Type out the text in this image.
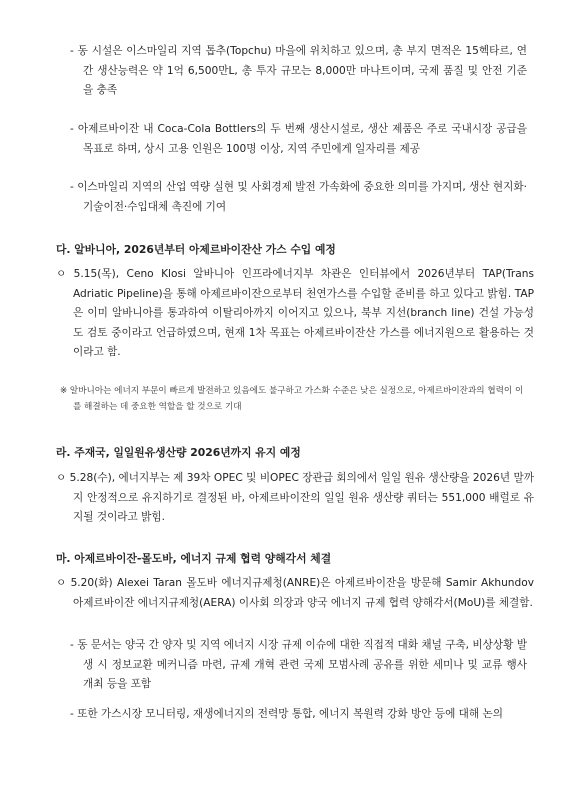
- 동 시설은 이스마일리 지역 톱추(Topchu) 마을에 위치하고 있으며, 총 부지 면적은 15헥타르, 연간 생산능력은 약 1억 6,500만L, 총 투자 규모는 8,000만 마나트이며, 국제 품질 및 안전 기준을 충족

- 아제르바이잔 내 Coca-Cola Bottlers의 두 번째 생산시설로, 생산 제품은 주로 국내시장 공급을 목표로 하며, 상시 고용 인원은 100명 이상, 지역 주민에게 일자리를 제공

- 이스마일리 지역의 산업 역량 실현 및 사회경제 발전 가속화에 중요한 의미를 가지며, 생산 현지화·기술이전·수입대체 촉진에 기여

다. 알바니아, 2026년부터 아제르바이잔산 가스 수입 예정

ㅇ 5.15(목), Ceno Klosi 알바니아 인프라에너지부 차관은 인터뷰에서 2026년부터 TAP(Trans Adriatic Pipeline)을 통해 아제르바이잔으로부터 천연가스를 수입할 준비를 하고 있다고 밝힘. TAP은 이미 알바니아를 통과하여 이탈리아까지 이어지고 있으나, 북부 지선(branch line) 건설 가능성도 검토 중이라고 언급하였으며, 현재 1차 목표는 아제르바이잔산 가스를 에너지원으로 활용하는 것이라고 함.

※ 알바니아는 에너지 부문이 빠르게 발전하고 있음에도 불구하고 가스화 수준은 낮은 실정으로, 아제르바이잔과의 협력이 이를 해결하는 데 중요한 역할을 할 것으로 기대

라. 주재국, 일일원유생산량 2026년까지 유지 예정

ㅇ 5.28(수), 에너지부는 제 39차 OPEC 및 비OPEC 장관급 회의에서 일일 원유 생산량을 2026년 말까지 안정적으로 유지하기로 결정된 바, 아제르바이잔의 일일 원유 생산량 쿼터는 551,000 배럴로 유지될 것이라고 밝힘.

마. 아제르바이잔-몰도바, 에너지 규제 협력 양해각서 체결

ㅇ 5.20(화) Alexei Taran 몰도바 에너지규제청(ANRE)은 아제르바이잔을 방문해 Samir Akhundov 아제르바이잔 에너지규제청(AERA) 이사회 의장과 양국 에너지 규제 협력 양해각서(MoU)를 체결함.

- 동 문서는 양국 간 양자 및 지역 에너지 시장 규제 이슈에 대한 직접적 대화 채널 구축, 비상상황 발생 시 정보교환 메커니즘 마련, 규제 개혁 관련 국제 모범사례 공유를 위한 세미나 및 교류 행사 개최 등을 포함

- 또한 가스시장 모니터링, 재생에너지의 전력망 통합, 에너지 복원력 강화 방안 등에 대해 논의
